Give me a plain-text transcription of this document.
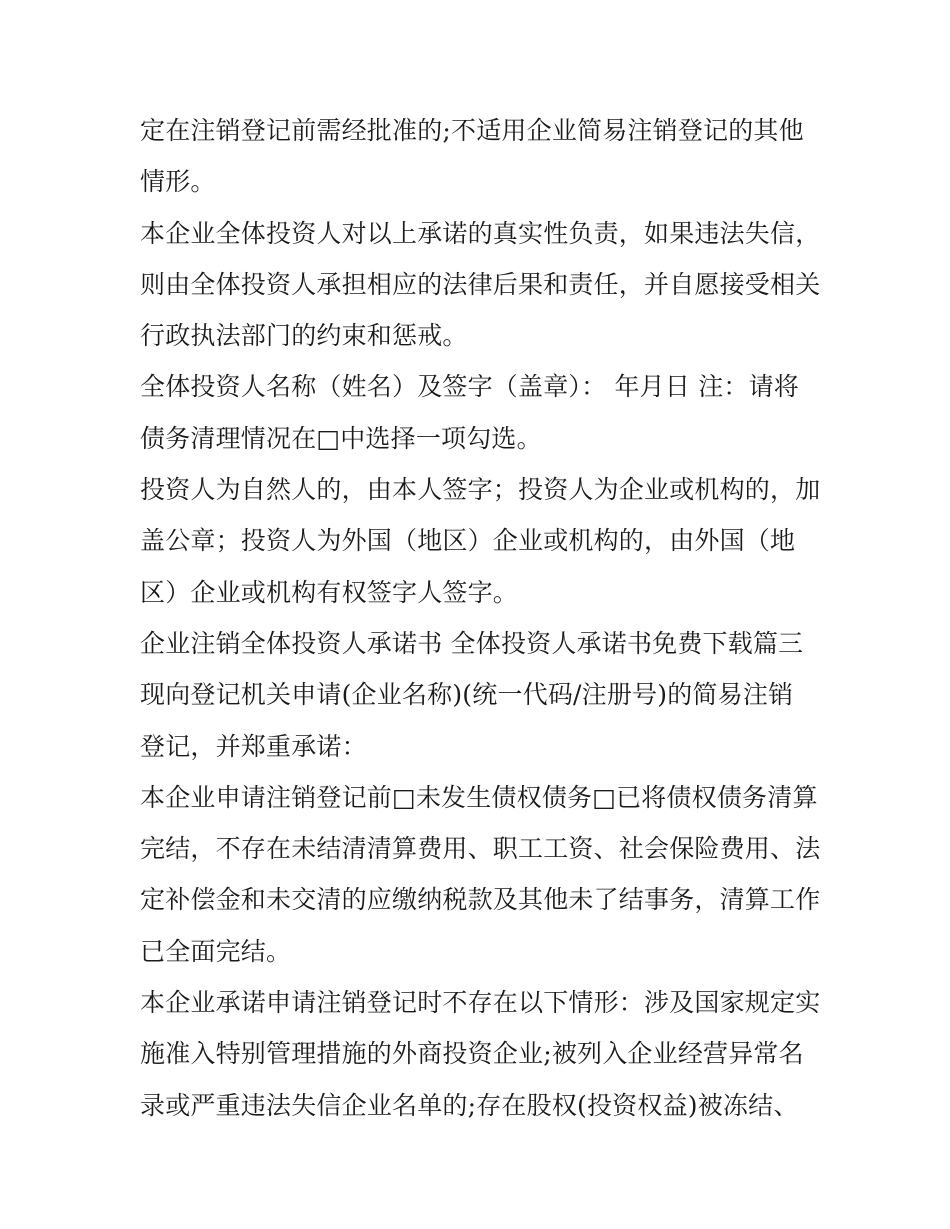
定在注销登记前需经批准的;不适用企业简易注销登记的其他
情形。
本企业全体投资人对以上承诺的真实性负责，如果违法失信，
则由全体投资人承担相应的法律后果和责任，并自愿接受相关
行政执法部门的约束和惩戒。
全体投资人名称（姓名）及签字（盖章）： 年月日 注：请将
债务清理情况在□中选择一项勾选。
投资人为自然人的，由本人签字；投资人为企业或机构的，加
盖公章；投资人为外国（地区）企业或机构的，由外国（地
区）企业或机构有权签字人签字。
企业注销全体投资人承诺书 全体投资人承诺书免费下载篇三
现向登记机关申请(企业名称)(统一代码/注册号)的简易注销
登记，并郑重承诺：
本企业申请注销登记前□未发生债权债务□已将债权债务清算
完结，不存在未结清清算费用、职工工资、社会保险费用、法
定补偿金和未交清的应缴纳税款及其他未了结事务，清算工作
已全面完结。
本企业承诺申请注销登记时不存在以下情形：涉及国家规定实
施准入特别管理措施的外商投资企业;被列入企业经营异常名
录或严重违法失信企业名单的;存在股权(投资权益)被冻结、
